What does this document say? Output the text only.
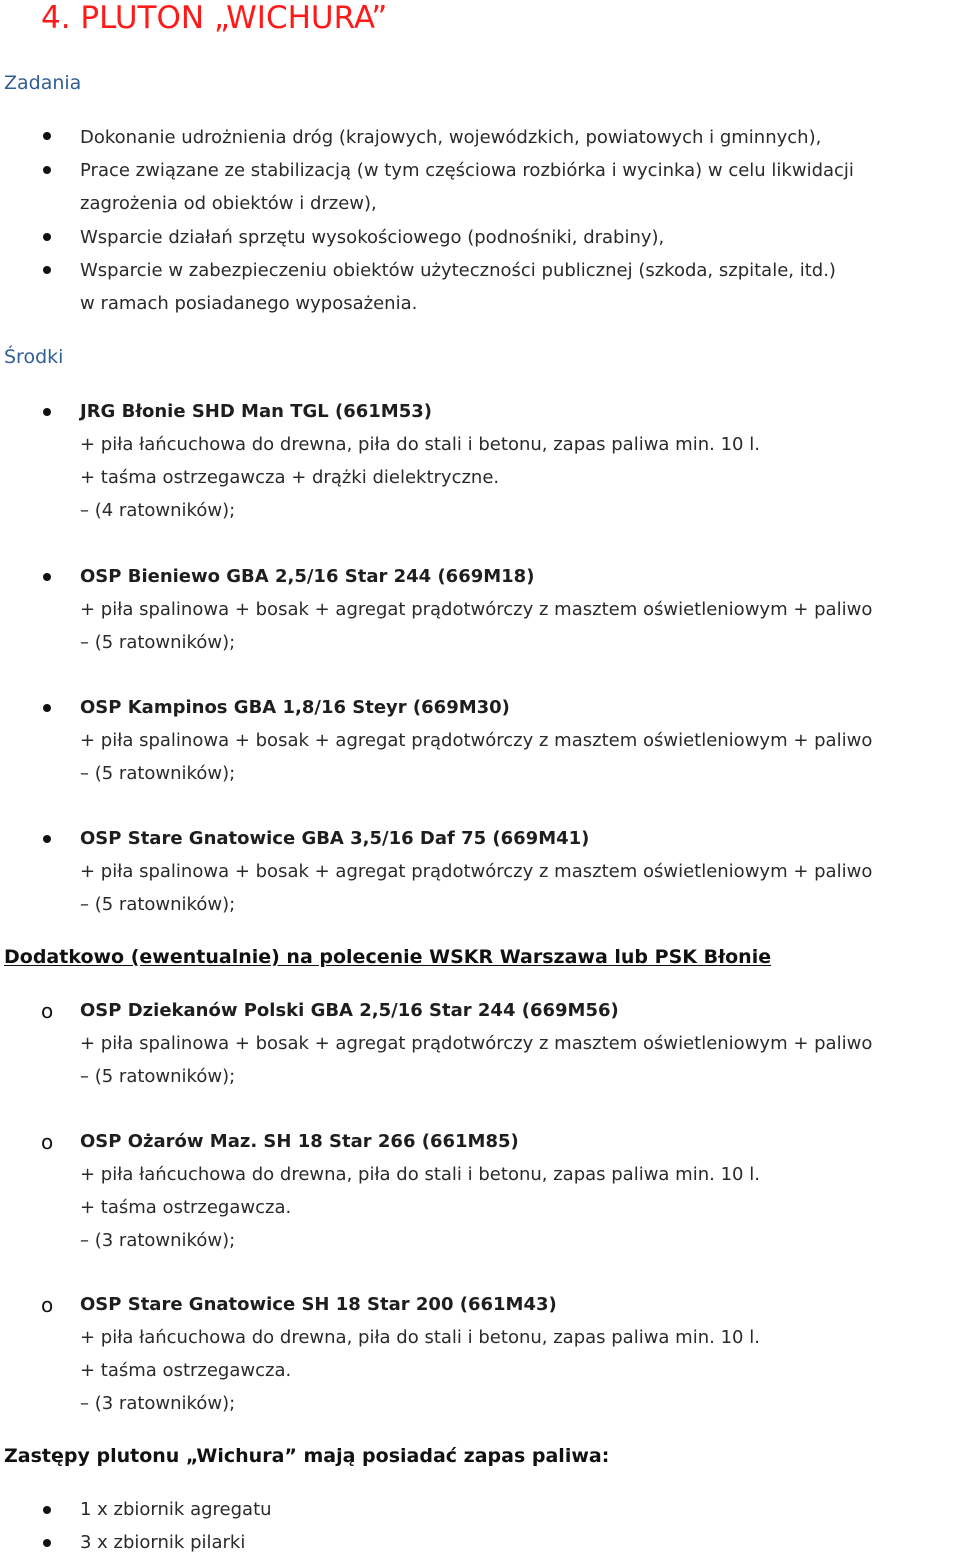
4. PLUTON „WICHURA”
Zadania
Dokonanie udrożnienia dróg (krajowych, wojewódzkich, powiatowych i gminnych),
Prace związane ze stabilizacją (w tym częściowa rozbiórka i wycinka) w celu likwidacji
zagrożenia od obiektów i drzew),
Wsparcie działań sprzętu wysokościowego (podnośniki, drabiny),
Wsparcie w zabezpieczeniu obiektów użyteczności publicznej (szkoda, szpitale, itd.)
w ramach posiadanego wyposażenia.
Środki
JRG Błonie SHD Man TGL (661M53)
+ piła łańcuchowa do drewna, piła do stali i betonu, zapas paliwa min. 10 l.
+ taśma ostrzegawcza + drążki dielektryczne.
– (4 ratowników);
OSP Bieniewo GBA 2,5/16 Star 244 (669M18)
+ piła spalinowa + bosak + agregat prądotwórczy z masztem oświetleniowym + paliwo
– (5 ratowników);
OSP Kampinos GBA 1,8/16 Steyr (669M30)
+ piła spalinowa + bosak + agregat prądotwórczy z masztem oświetleniowym + paliwo
– (5 ratowników);
OSP Stare Gnatowice GBA 3,5/16 Daf 75 (669M41)
+ piła spalinowa + bosak + agregat prądotwórczy z masztem oświetleniowym + paliwo
– (5 ratowników);
Dodatkowo (ewentualnie) na polecenie WSKR Warszawa lub PSK Błonie
o OSP Dziekanów Polski GBA 2,5/16 Star 244 (669M56)
+ piła spalinowa + bosak + agregat prądotwórczy z masztem oświetleniowym + paliwo
– (5 ratowników);
o OSP Ożarów Maz. SH 18 Star 266 (661M85)
+ piła łańcuchowa do drewna, piła do stali i betonu, zapas paliwa min. 10 l.
+ taśma ostrzegawcza.
– (3 ratowników);
o OSP Stare Gnatowice SH 18 Star 200 (661M43)
+ piła łańcuchowa do drewna, piła do stali i betonu, zapas paliwa min. 10 l.
+ taśma ostrzegawcza.
– (3 ratowników);
Zastępy plutonu „Wichura” mają posiadać zapas paliwa:
1 x zbiornik agregatu
3 x zbiornik pilarki
